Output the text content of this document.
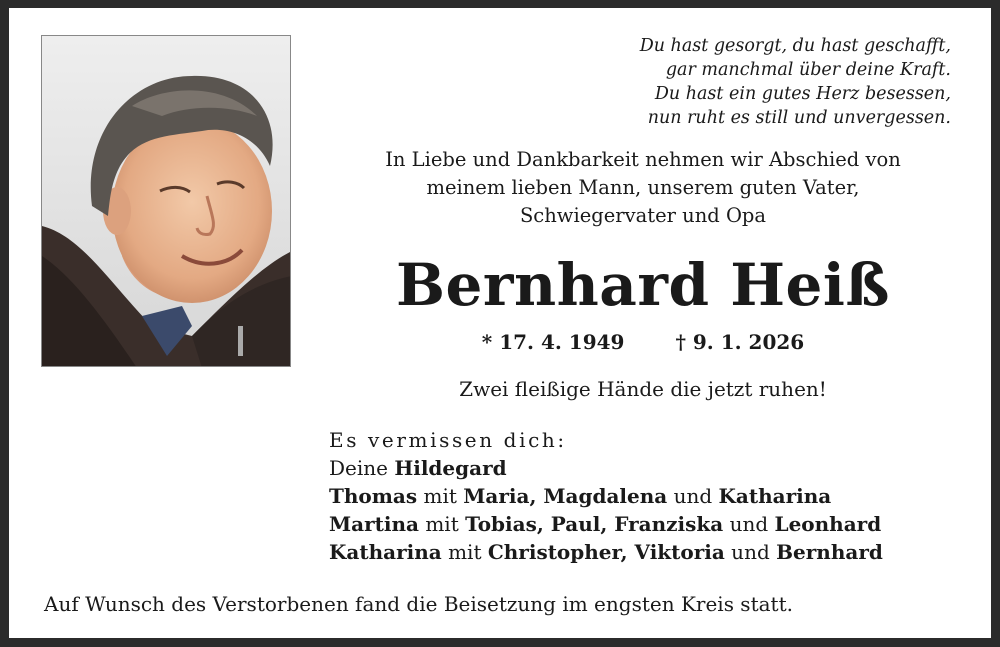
Du hast gesorgt, du hast geschafft,
gar manchmal über deine Kraft.
Du hast ein gutes Herz besessen,
nun ruht es still und unvergessen.
In Liebe und Dankbarkeit nehmen wir Abschied von
meinem lieben Mann, unserem guten Vater,
Schwiegervater und Opa
Bernhard Heiß
* 17. 4. 1949	† 9. 1. 2026
Zwei fleißige Hände die jetzt ruhen!
Es vermissen dich:
Deine Hildegard
Thomas mit Maria, Magdalena und Katharina
Martina mit Tobias, Paul, Franziska und Leonhard
Katharina mit Christopher, Viktoria und Bernhard
Auf Wunsch des Verstorbenen fand die Beisetzung im engsten Kreis statt.
